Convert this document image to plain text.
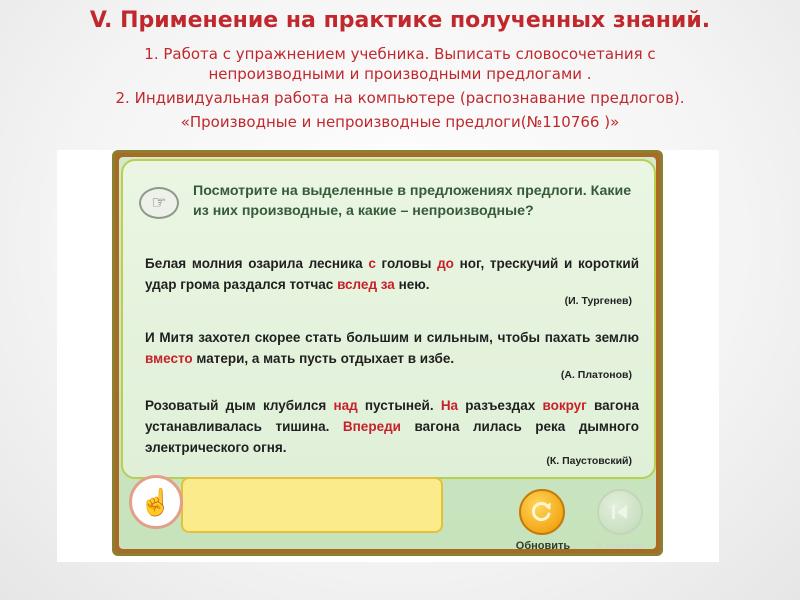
V. Применение на практике полученных знаний.
1. Работа с упражнением учебника. Выписать словосочетания с
непроизводными и производными предлогами .
2. Индивидуальная работа на компьютере (распознавание предлогов).
«Производные и непроизводные предлоги(№110766 )»
☞
Посмотрите на выделенные в предложениях предлоги. Какие из них производные, а какие – непроизводные?
Белая молния озарила лесника с головы до ног, трескучий и короткий удар грома раздался тотчас вслед за нею.
(И. Тургенев)
И Митя захотел скорее стать большим и сильным, чтобы пахать землю вместо матери, а мать пусть отдыхает в избе.
(А. Платонов)
Розоватый дым клубился над пустыней. На разъездах вокруг вагона устанавливалась тишина. Впереди вагона лилась река дымного электрического огня.
(К. Паустовский)
☝
Обновить	В начало
